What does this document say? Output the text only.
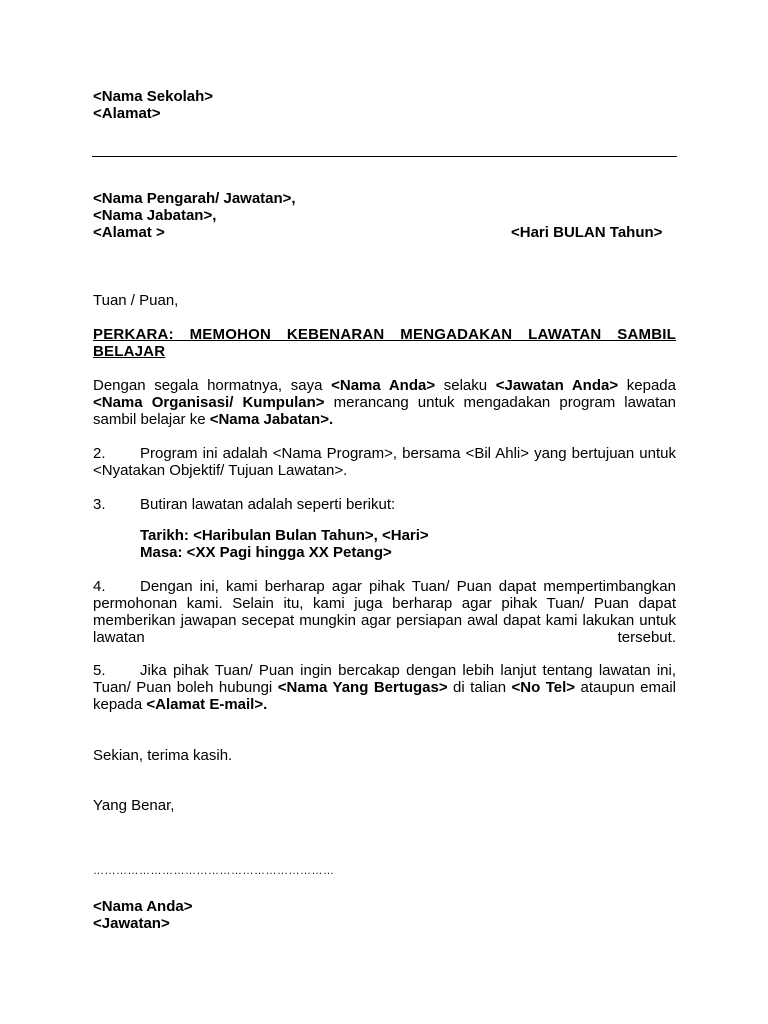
<Nama Sekolah>
<Alamat>
<Nama Pengarah/ Jawatan>,
<Nama Jabatan>,
<Alamat >	<Hari BULAN Tahun>
Tuan / Puan,
PERKARA: MEMOHON KEBENARAN MENGADAKAN LAWATAN SAMBIL BELAJAR
Dengan segala hormatnya, saya <Nama Anda> selaku <Jawatan Anda> kepada <Nama Organisasi/ Kumpulan> merancang untuk mengadakan program lawatan sambil belajar ke <Nama Jabatan>.
2. Program ini adalah <Nama Program>, bersama <Bil Ahli> yang bertujuan untuk <Nyatakan Objektif/ Tujuan Lawatan>.
3. Butiran lawatan adalah seperti berikut:
Tarikh: <Haribulan Bulan Tahun>, <Hari>
Masa: <XX Pagi hingga XX Petang>
4. Dengan ini, kami berharap agar pihak Tuan/ Puan dapat mempertimbangkan permohonan kami. Selain itu, kami juga berharap agar pihak Tuan/ Puan dapat memberikan jawapan secepat mungkin agar persiapan awal dapat kami lakukan untuk lawatan tersebut.
5. Jika pihak Tuan/ Puan ingin bercakap dengan lebih lanjut tentang lawatan ini, Tuan/ Puan boleh hubungi <Nama Yang Bertugas> di talian <No Tel> ataupun email kepada <Alamat E-mail>.
Sekian, terima kasih.
Yang Benar,
………………………………………………………
<Nama Anda>
<Jawatan>
